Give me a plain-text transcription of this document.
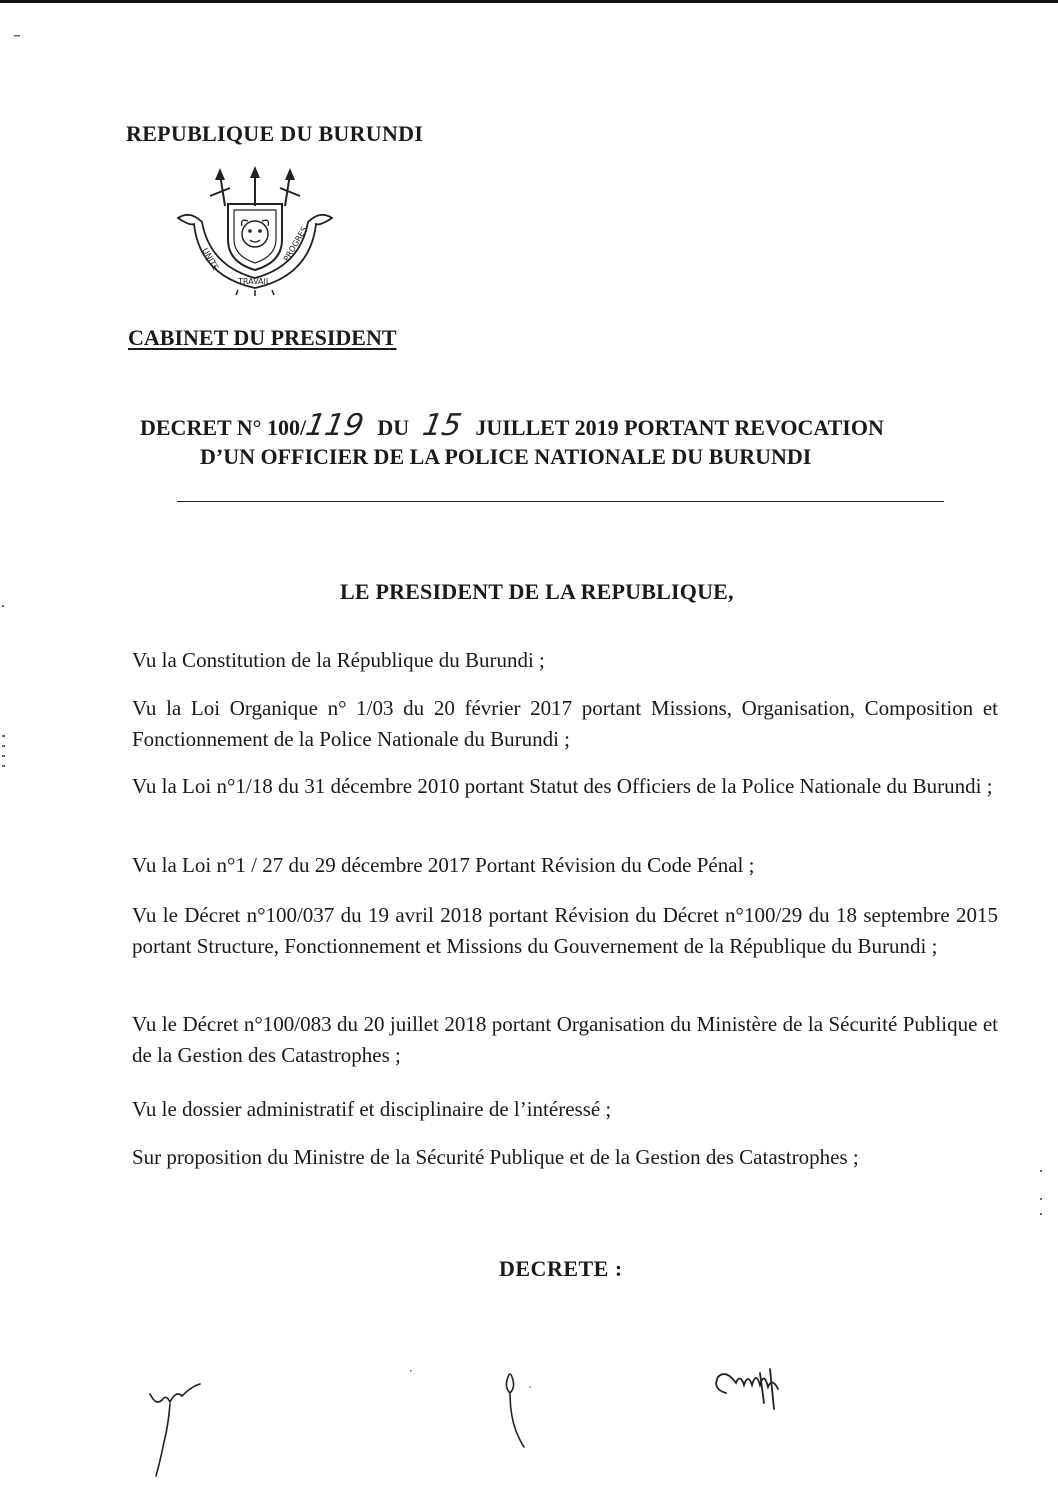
REPUBLIQUE DU BURUNDI
UNITE
TRAVAIL
PROGRES
CABINET DU PRESIDENT
DECRET N° 100/119 DU 15 JUILLET 2019 PORTANT REVOCATION
D’UN OFFICIER DE LA POLICE NATIONALE DU BURUNDI
LE PRESIDENT DE LA REPUBLIQUE,
Vu la Constitution de la République du Burundi ;
Vu la Loi Organique n° 1/03 du 20 février 2017 portant Missions, Organisation, Composition et Fonctionnement de la Police Nationale du Burundi ;
Vu la Loi n°1/18 du 31 décembre 2010 portant Statut des Officiers de la Police Nationale du Burundi ;
Vu la Loi n°1 / 27 du 29 décembre 2017 Portant Révision du Code Pénal ;
Vu le Décret n°100/037 du 19 avril 2018 portant Révision du Décret n°100/29 du 18 septembre 2015 portant Structure, Fonctionnement et Missions du Gouvernement de la République du Burundi ;
Vu le Décret n°100/083 du 20 juillet 2018 portant Organisation du Ministère de la Sécurité Publique et de la Gestion des Catastrophes ;
Vu le dossier administratif et disciplinaire de l’intéressé ;
Sur proposition du Ministre de la Sécurité Publique et de la Gestion des Catastrophes ;
DECRETE :
